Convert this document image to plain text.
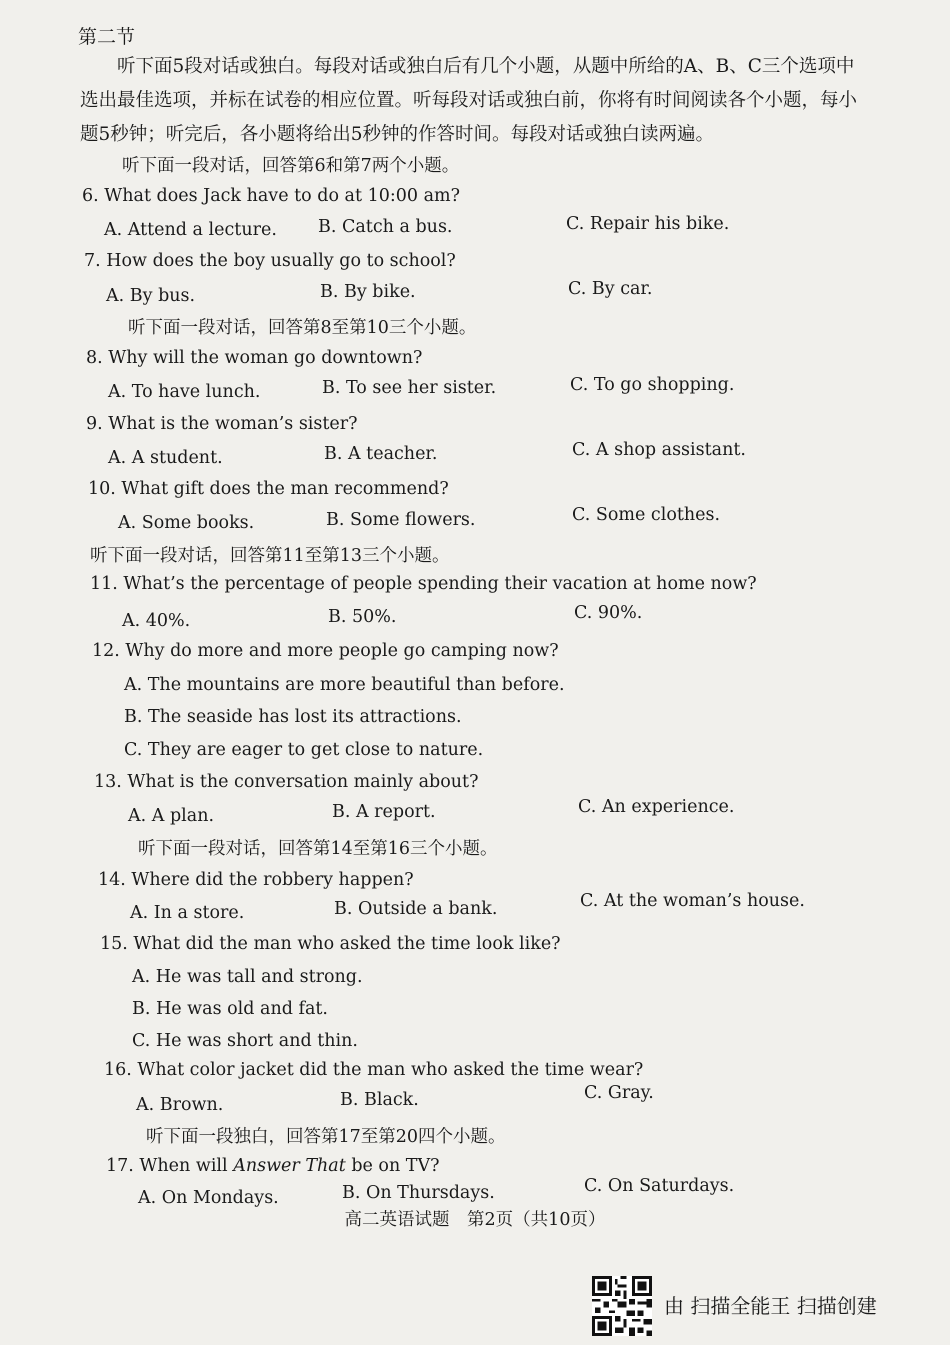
第二节
听下面5段对话或独白。每段对话或独白后有几个小题，从题中所给的A、B、C三个选项中选出最佳选项，并标在试卷的相应位置。听每段对话或独白前，你将有时间阅读各个小题，每小题5秒钟；听完后，各小题将给出5秒钟的作答时间。每段对话或独白读两遍。
听下面一段对话，回答第6和第7两个小题。
6. What does Jack have to do at 10:00 am?
A. Attend a lecture. B. Catch a bus.	C. Repair his bike.
7. How does the boy usually go to school?
A. By bus.	B. By bike.	C. By car.
听下面一段对话，回答第8至第10三个小题。
8. Why will the woman go downtown?
A. To have lunch.	B. To see her sister.	C. To go shopping.
9. What is the woman’s sister?
A. A student.	B. A teacher.	C. A shop assistant.
10. What gift does the man recommend?
A. Some books.	B. Some flowers.	C. Some clothes.
听下面一段对话，回答第11至第13三个小题。
11. What’s the percentage of people spending their vacation at home now?
A. 40%.	B. 50%.	C. 90%.
12. Why do more and more people go camping now?
A. The mountains are more beautiful than before.
B. The seaside has lost its attractions.
C. They are eager to get close to nature.
13. What is the conversation mainly about?
A. A plan.	B. A report.	C. An experience.
听下面一段对话，回答第14至第16三个小题。
14. Where did the robbery happen?
A. In a store.	B. Outside a bank.	C. At the woman’s house.
15. What did the man who asked the time look like?
A. He was tall and strong.
B. He was old and fat.
C. He was short and thin.
16. What color jacket did the man who asked the time wear?
A. Brown.	B. Black.	C. Gray.
听下面一段独白，回答第17至第20四个小题。
17. When will Answer That be on TV?
A. On Mondays.	B. On Thursdays.	C. On Saturdays.
高二英语试题　第2页（共10页）
由 扫描全能王 扫描创建
